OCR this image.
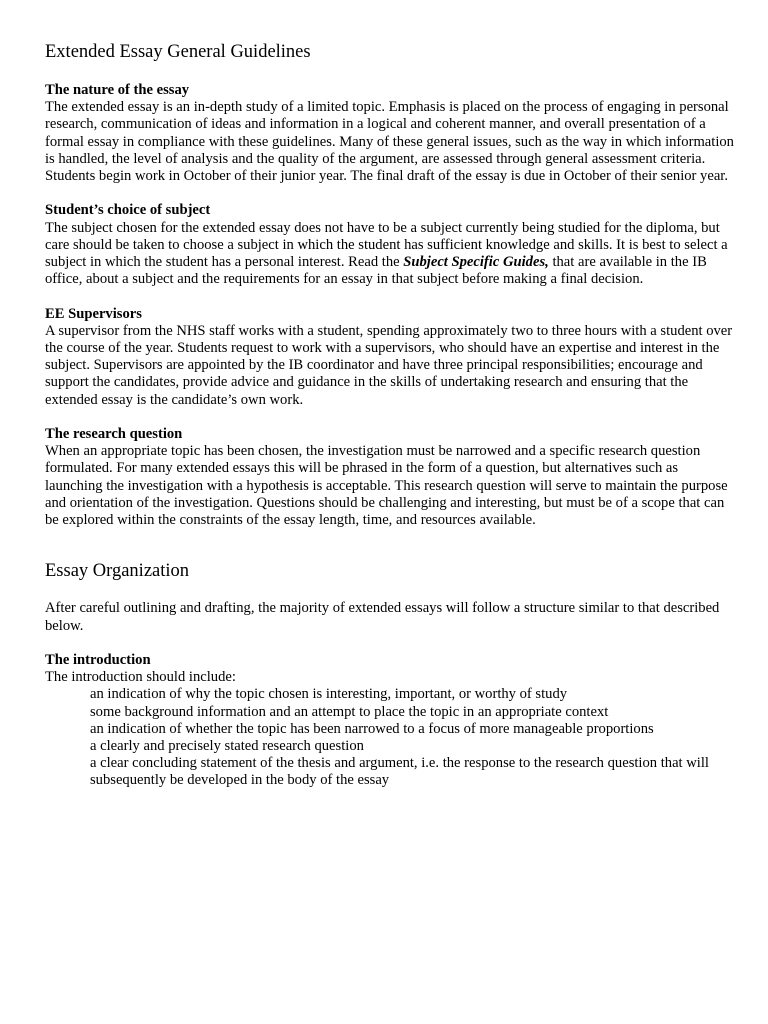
Extended Essay General Guidelines
The nature of the essay

The extended essay is an in-depth study of a limited topic. Emphasis is placed on the process of engaging in personal research, communication of ideas and information in a logical and coherent manner, and overall presentation of a formal essay in compliance with these guidelines. Many of these general issues, such as the way in which information is handled, the level of analysis and the quality of the argument, are assessed through general assessment criteria. Students begin work in October of their junior year. The final draft of the essay is due in October of their senior year.

Student’s choice of subject

The subject chosen for the extended essay does not have to be a subject currently being studied for the diploma, but care should be taken to choose a subject in which the student has sufficient knowledge and skills. It is best to select a subject in which the student has a personal interest. Read the Subject Specific Guides, that are available in the IB office, about a subject and the requirements for an essay in that subject before making a final decision.

EE Supervisors

A supervisor from the NHS staff works with a student, spending approximately two to three hours with a student over the course of the year. Students request to work with a supervisors, who should have an expertise and interest in the subject. Supervisors are appointed by the IB coordinator and have three principal responsibilities; encourage and support the candidates, provide advice and guidance in the skills of undertaking research and ensuring that the extended essay is the candidate’s own work.

The research question

When an appropriate topic has been chosen, the investigation must be narrowed and a specific research question formulated. For many extended essays this will be phrased in the form of a question, but alternatives such as launching the investigation with a hypothesis is acceptable. This research question will serve to maintain the purpose and orientation of the investigation. Questions should be challenging and interesting, but must be of a scope that can be explored within the constraints of the essay length, time, and resources available.

Essay Organization

After careful outlining and drafting, the majority of extended essays will follow a structure similar to that described below.

The introduction

The introduction should include:

an indication of why the topic chosen is interesting, important, or worthy of study
some background information and an attempt to place the topic in an appropriate context
an indication of whether the topic has been narrowed to a focus of more manageable proportions
a clearly and precisely stated research question
a clear concluding statement of the thesis and argument, i.e. the response to the research question that will subsequently be developed in the body of the essay
